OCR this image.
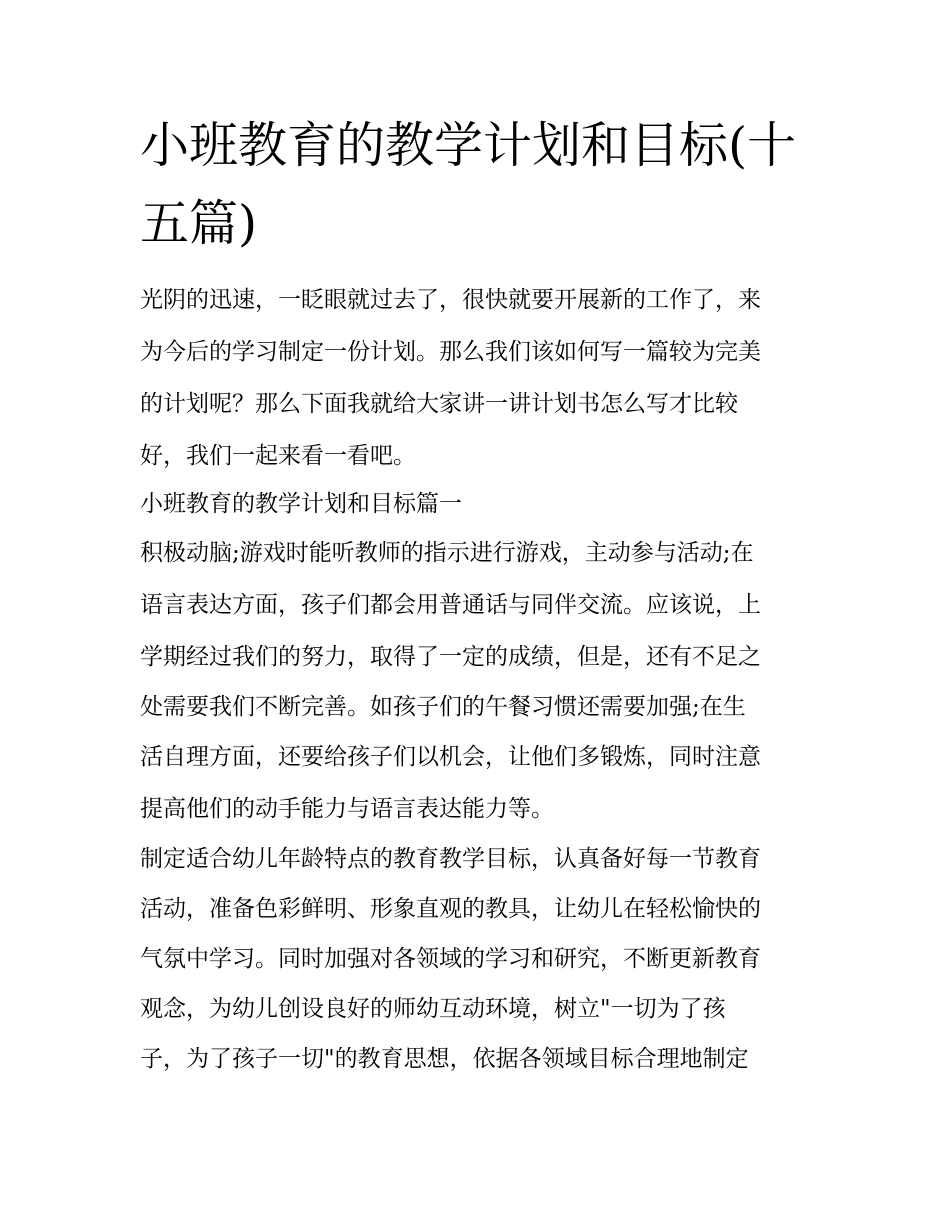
小班教育的教学计划和目标(十
五篇)
光阴的迅速，一眨眼就过去了，很快就要开展新的工作了，来
为今后的学习制定一份计划。那么我们该如何写一篇较为完美
的计划呢？那么下面我就给大家讲一讲计划书怎么写才比较
好，我们一起来看一看吧。
小班教育的教学计划和目标篇一
积极动脑;游戏时能听教师的指示进行游戏，主动参与活动;在
语言表达方面，孩子们都会用普通话与同伴交流。应该说，上
学期经过我们的努力，取得了一定的成绩，但是，还有不足之
处需要我们不断完善。如孩子们的午餐习惯还需要加强;在生
活自理方面，还要给孩子们以机会，让他们多锻炼，同时注意
提高他们的动手能力与语言表达能力等。
制定适合幼儿年龄特点的教育教学目标，认真备好每一节教育
活动，准备色彩鲜明、形象直观的教具，让幼儿在轻松愉快的
气氛中学习。同时加强对各领域的学习和研究，不断更新教育
观念，为幼儿创设良好的师幼互动环境，树立"一切为了孩
子，为了孩子一切"的教育思想，依据各领域目标合理地制定
